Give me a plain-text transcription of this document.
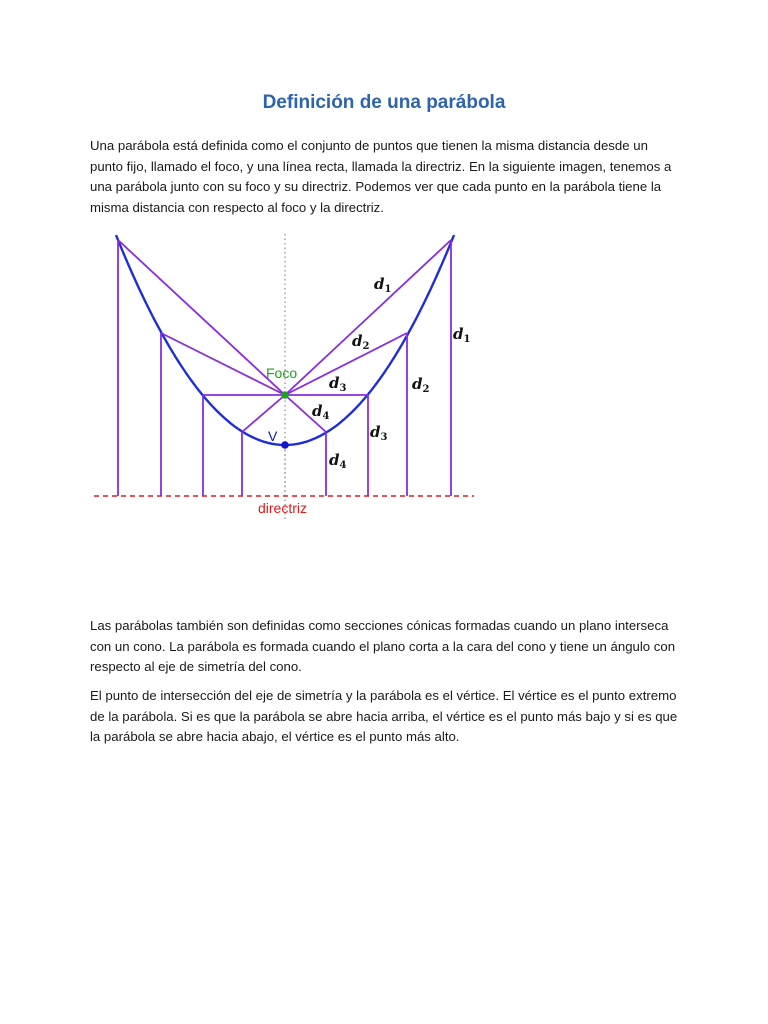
Definición de una parábola

Una parábola está definida como el conjunto de puntos que tienen la misma distancia desde un punto fijo, llamado el foco, y una línea recta, llamada la directriz. En la siguiente imagen, tenemos a una parábola junto con su foco y su directriz. Podemos ver que cada punto en la parábola tiene la misma distancia con respecto al foco y la directriz.

Foco
V
directriz
d1
d1
d2
d2
d3
d3
d4
d4

Las parábolas también son definidas como secciones cónicas formadas cuando un plano interseca con un cono. La parábola es formada cuando el plano corta a la cara del cono y tiene un ángulo con respecto al eje de simetría del cono.

El punto de intersección del eje de simetría y la parábola es el vértice. El vértice es el punto extremo de la parábola. Si es que la parábola se abre hacia arriba, el vértice es el punto más bajo y si es que la parábola se abre hacia abajo, el vértice es el punto más alto.
